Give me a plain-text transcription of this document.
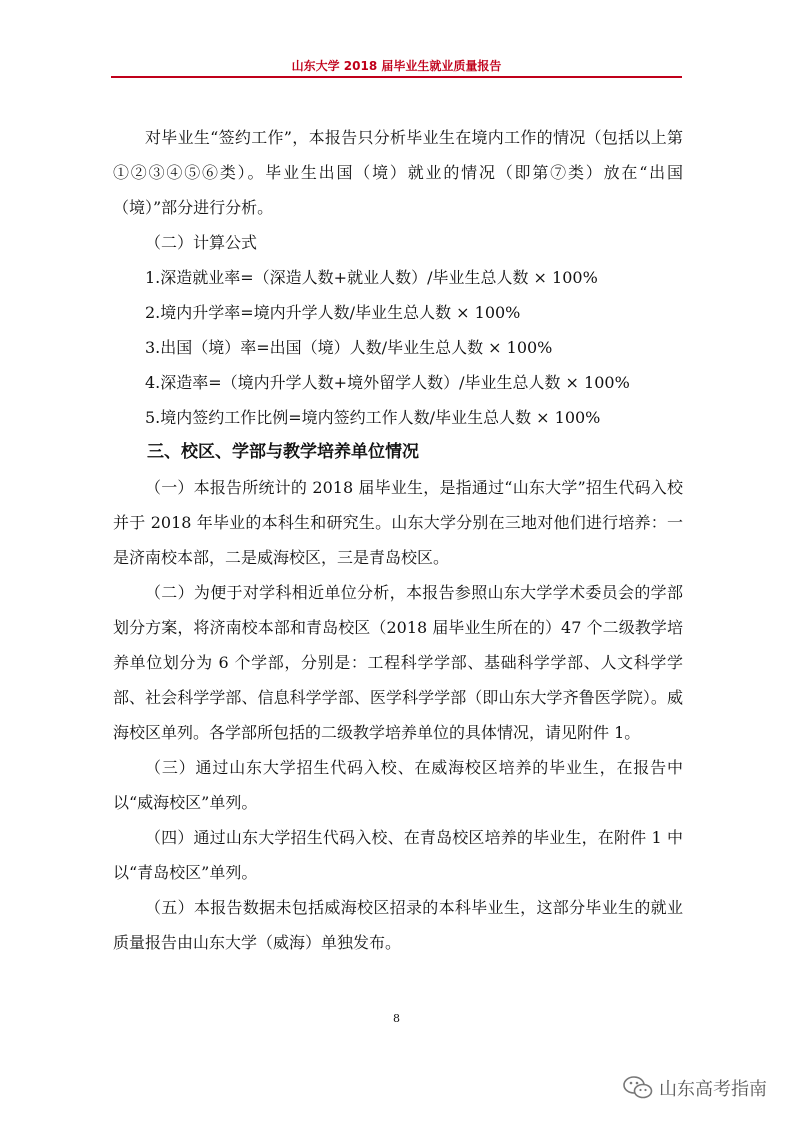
山东大学 2018 届毕业生就业质量报告

对毕业生“签约工作”，本报告只分析毕业生在境内工作的情况（包括以上第①②③④⑤⑥类）。毕业生出国（境）就业的情况（即第⑦类）放在“出国（境）”部分进行分析。

（二）计算公式

1.深造就业率=（深造人数+就业人数）/毕业生总人数 × 100%

2.境内升学率=境内升学人数/毕业生总人数 × 100%

3.出国（境）率=出国（境）人数/毕业生总人数 × 100%

4.深造率=（境内升学人数+境外留学人数）/毕业生总人数 × 100%

5.境内签约工作比例=境内签约工作人数/毕业生总人数 × 100%

三、校区、学部与教学培养单位情况

（一）本报告所统计的 2018 届毕业生，是指通过“山东大学”招生代码入校并于 2018 年毕业的本科生和研究生。山东大学分别在三地对他们进行培养：一是济南校本部，二是威海校区，三是青岛校区。

（二）为便于对学科相近单位分析，本报告参照山东大学学术委员会的学部划分方案，将济南校本部和青岛校区（2018 届毕业生所在的）47 个二级教学培养单位划分为 6 个学部，分别是：工程科学学部、基础科学学部、人文科学学部、社会科学学部、信息科学学部、医学科学学部（即山东大学齐鲁医学院）。威海校区单列。各学部所包括的二级教学培养单位的具体情况，请见附件 1。

（三）通过山东大学招生代码入校、在威海校区培养的毕业生，在报告中以“威海校区”单列。

（四）通过山东大学招生代码入校、在青岛校区培养的毕业生，在附件 1 中以“青岛校区”单列。

（五）本报告数据未包括威海校区招录的本科毕业生，这部分毕业生的就业质量报告由山东大学（威海）单独发布。

8
山东高考指南
